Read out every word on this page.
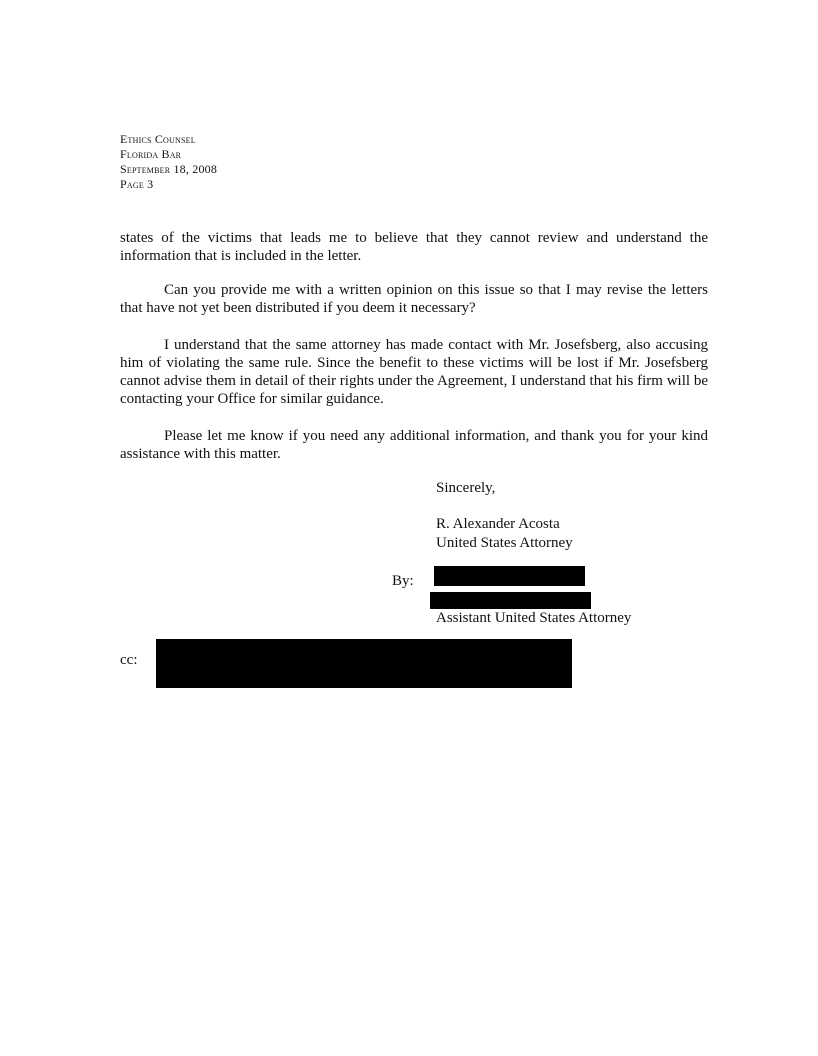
Ethics Counsel
Florida Bar
September 18, 2008
Page 3
states of the victims that leads me to believe that they cannot review and understand the information that is included in the letter.
Can you provide me with a written opinion on this issue so that I may revise the letters that have not yet been distributed if you deem it necessary?
I understand that the same attorney has made contact with Mr. Josefsberg, also accusing him of violating the same rule. Since the benefit to these victims will be lost if Mr. Josefsberg cannot advise them in detail of their rights under the Agreement, I understand that his firm will be contacting your Office for similar guidance.
Please let me know if you need any additional information, and thank you for your kind assistance with this matter.
Sincerely,
R. Alexander Acosta
United States Attorney
By:
Assistant United States Attorney
cc:
